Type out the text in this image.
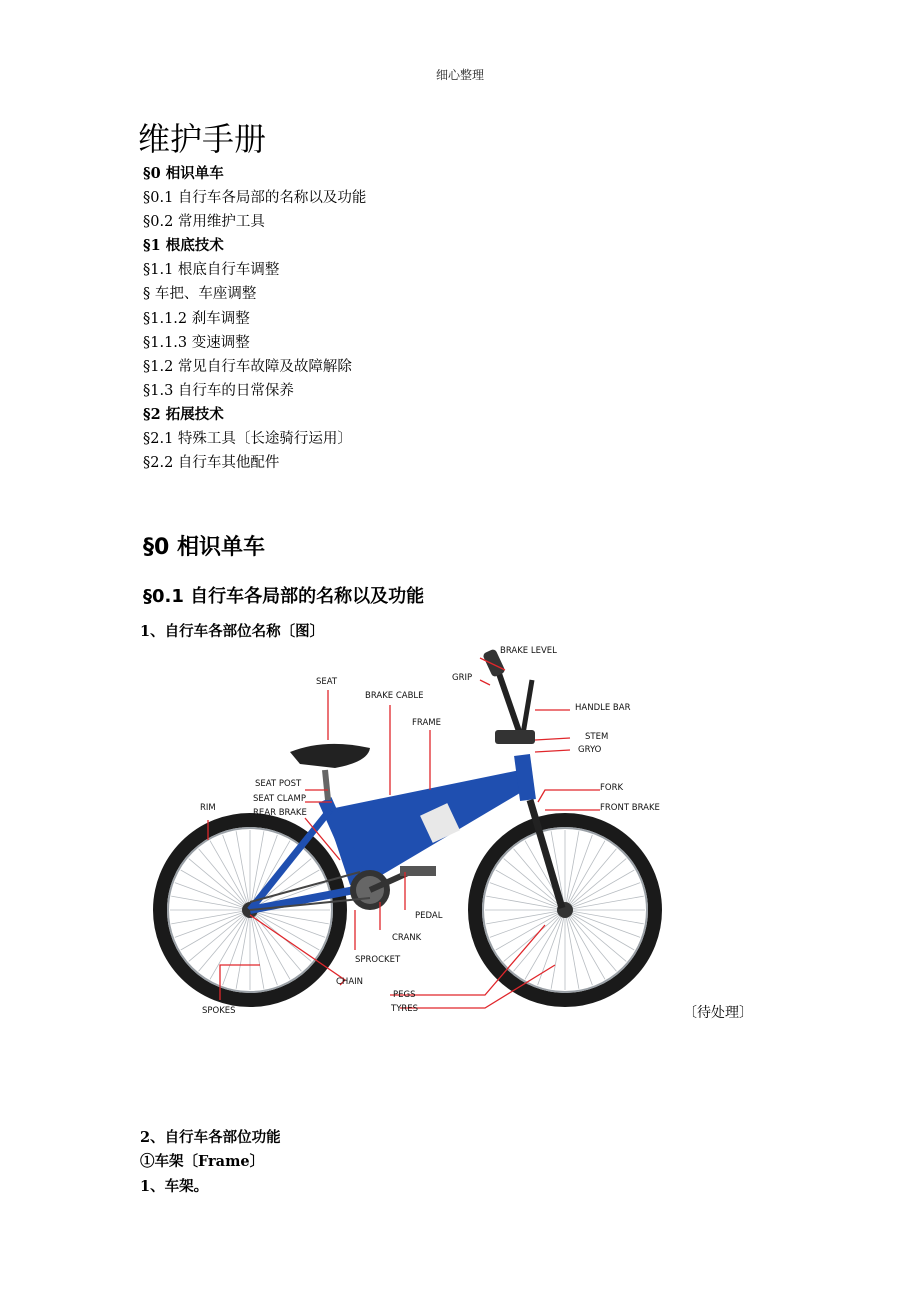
细心整理
维护手册
§0 相识单车
§0.1 自行车各局部的名称以及功能
§0.2 常用维护工具
§1 根底技术
§1.1 根底自行车调整
§ 车把、车座调整
§1.1.2 刹车调整
§1.1.3 变速调整
§1.2 常见自行车故障及故障解除
§1.3 自行车的日常保养
§2 拓展技术
§2.1 特殊工具〔长途骑行运用〕
§2.2 自行车其他配件
§0 相识单车
§0.1 自行车各局部的名称以及功能
1、自行车各部位名称〔图〕
BRAKE LEVEL
GRIP
SEAT
BRAKE CABLE
FRAME
HANDLE BAR
STEM
GRYO
SEAT POST
SEAT CLAMP
REAR BRAKE
FORK
FRONT BRAKE
RIM
PEDAL
CRANK
SPROCKET
CHAIN
PEGS
TYRES
SPOKES	〔待处理〕
2、自行车各部位功能
①车架〔Frame〕
1、车架。
